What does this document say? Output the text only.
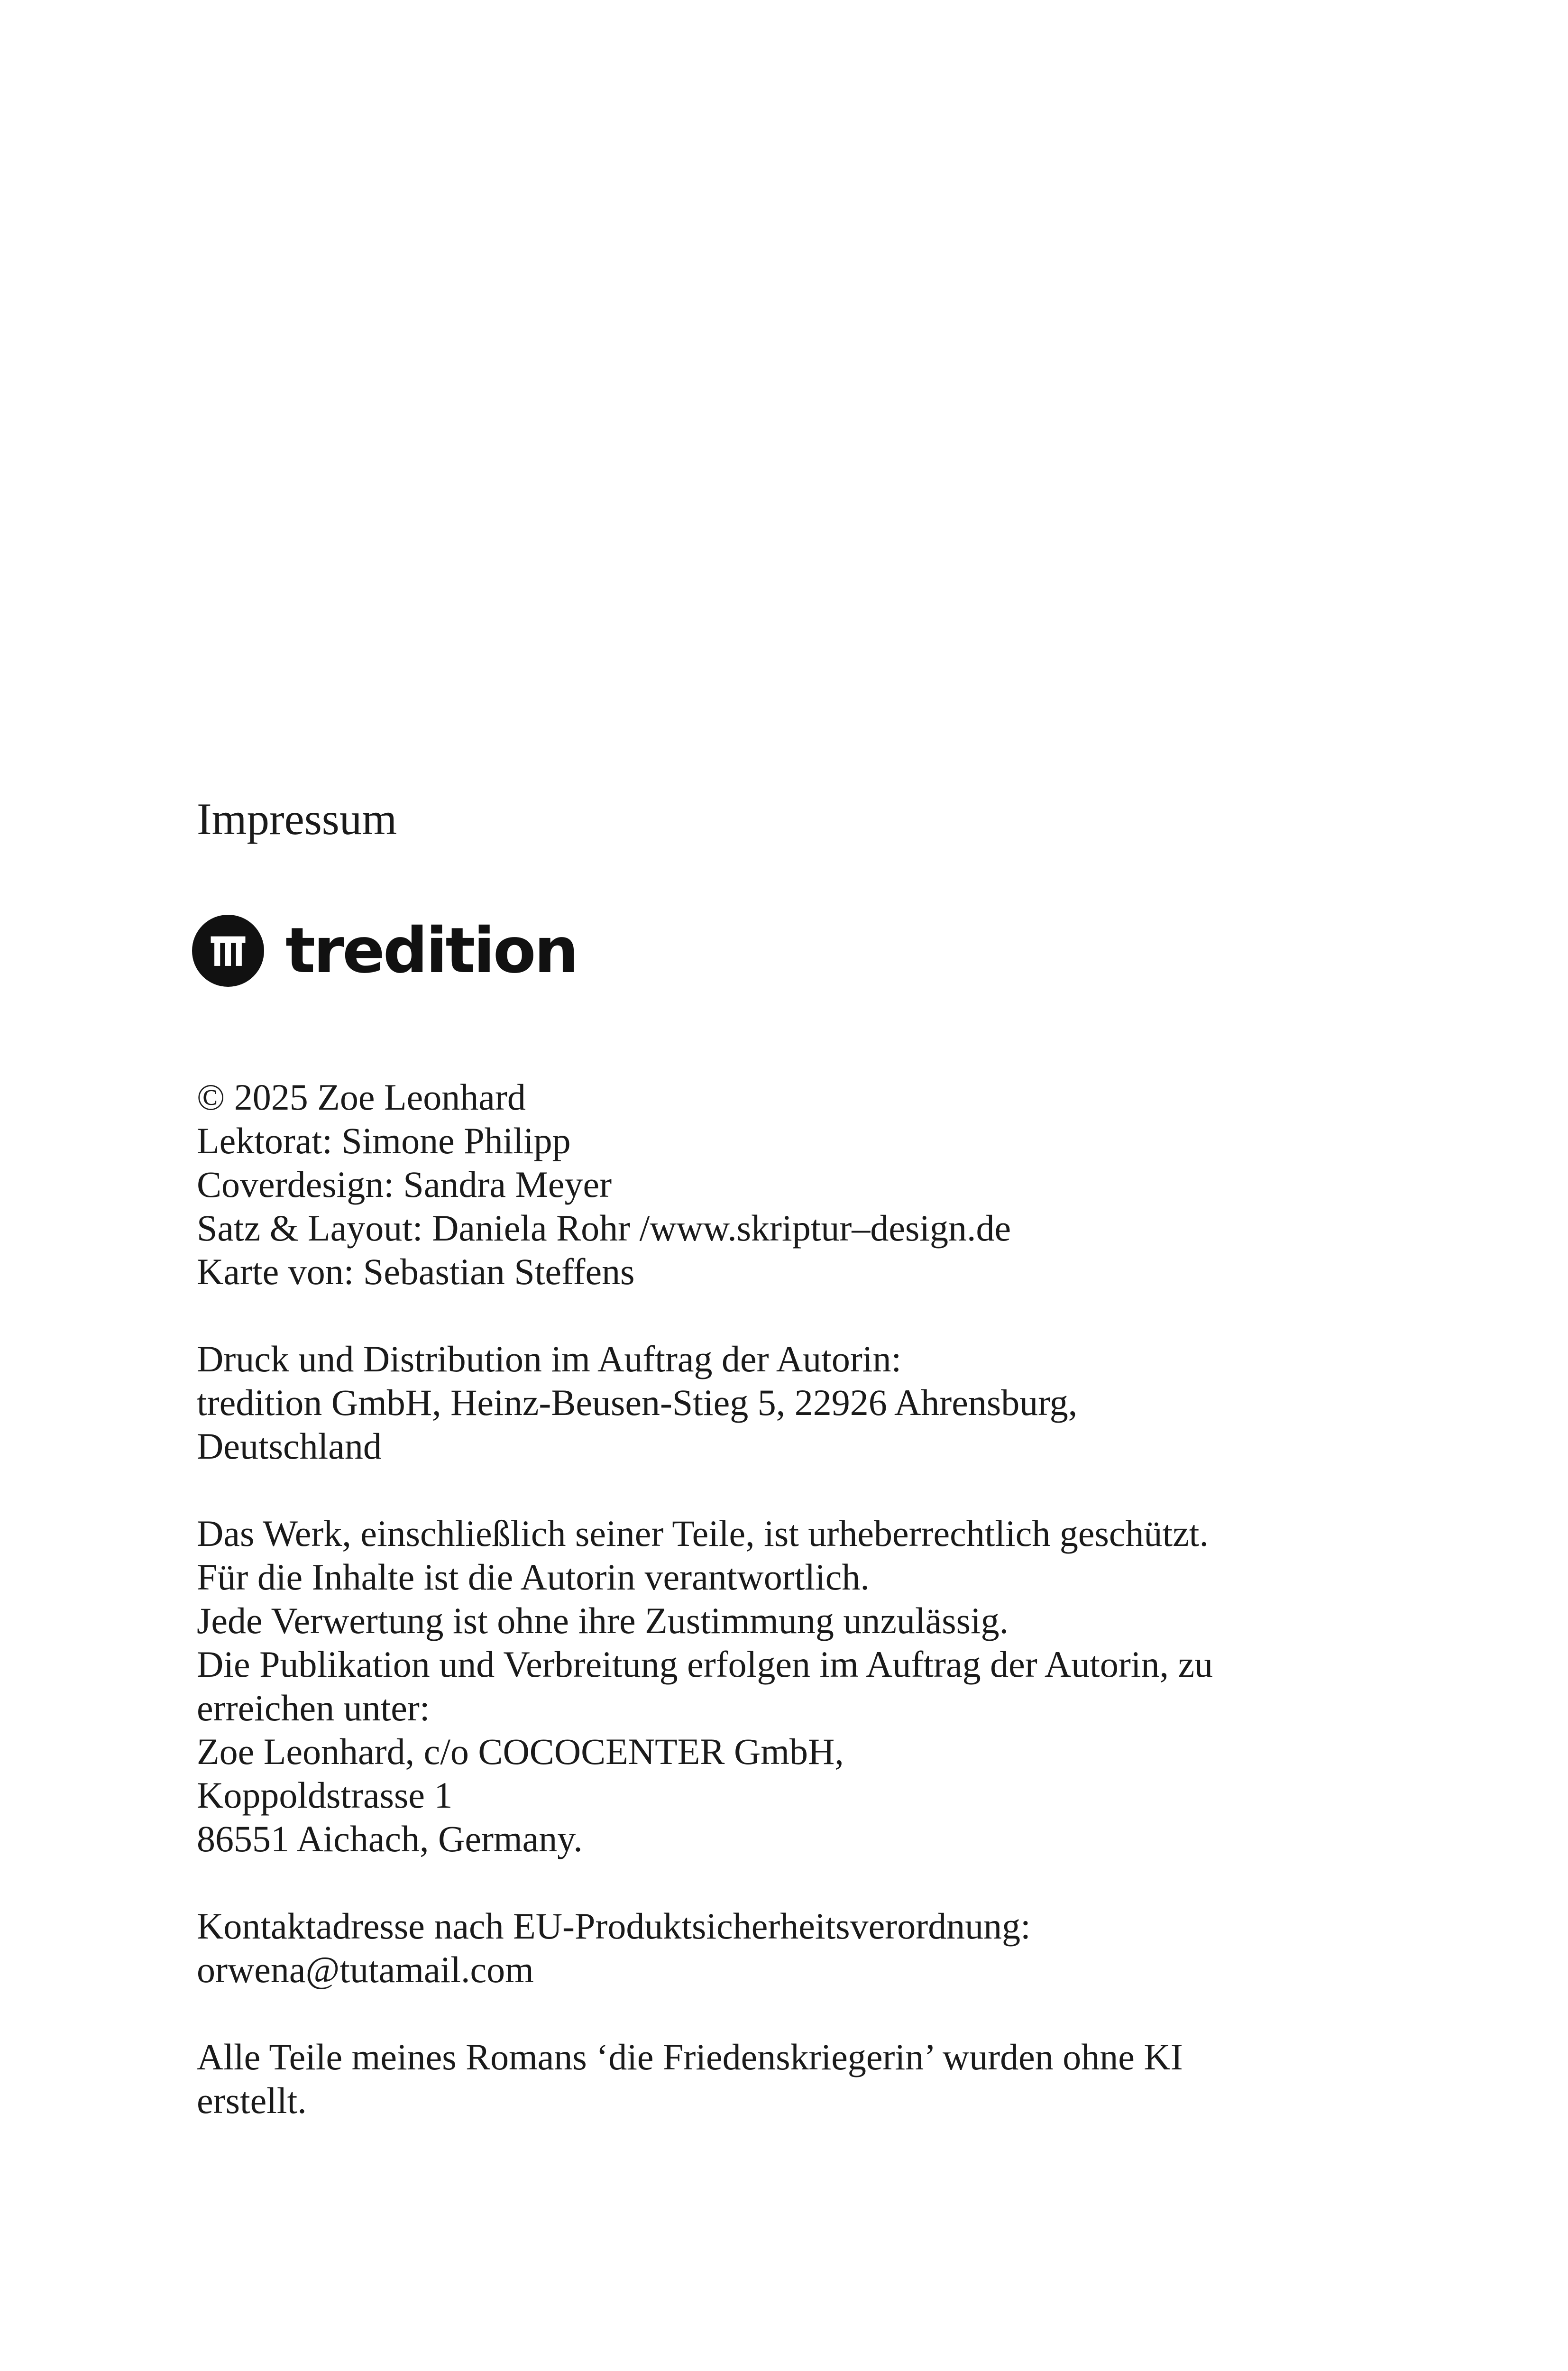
Impressum
tredition
© 2025 Zoe Leonhard
Lektorat: Simone Philipp
Coverdesign: Sandra Meyer
Satz & Layout: Daniela Rohr /www.skriptur–design.de
Karte von: Sebastian Steffens
Druck und Distribution im Auftrag der Autorin:
tredition GmbH, Heinz-Beusen-Stieg 5, 22926 Ahrensburg,
Deutschland
Das Werk, einschließlich seiner Teile, ist urheberrechtlich geschützt.
Für die Inhalte ist die Autorin verantwortlich.
Jede Verwertung ist ohne ihre Zustimmung unzulässig.
Die Publikation und Verbreitung erfolgen im Auftrag der Autorin, zu
erreichen unter:
Zoe Leonhard, c/o COCOCENTER GmbH,
Koppoldstrasse 1
86551 Aichach, Germany.
Kontaktadresse nach EU-Produktsicherheitsverordnung:
orwena@tutamail.com
Alle Teile meines Romans ‘die Friedenskriegerin’ wurden ohne KI
erstellt.
